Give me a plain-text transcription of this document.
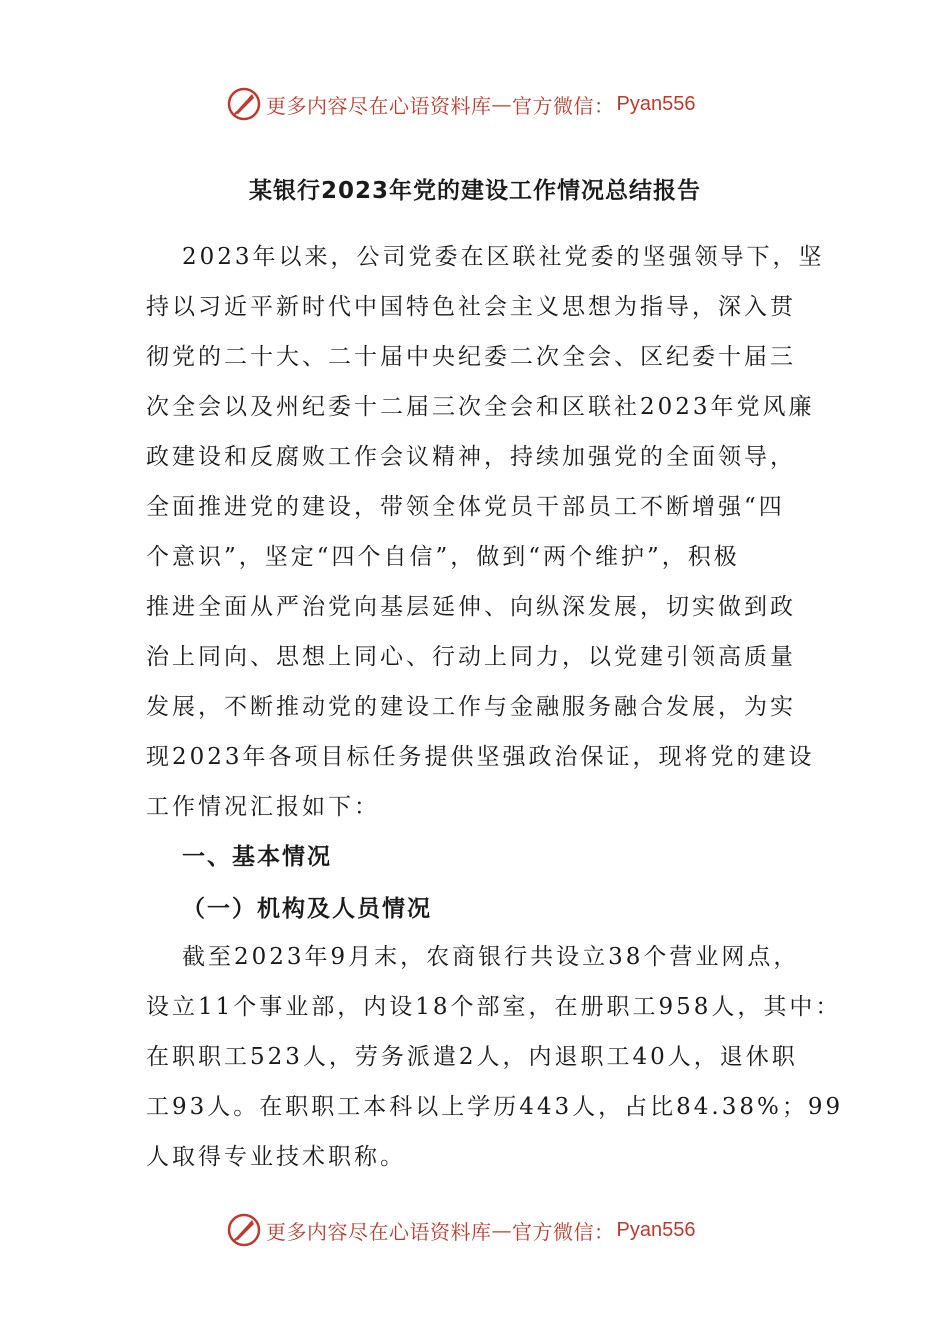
更多内容尽在心语资料库 — 官方微信： Pyan556
某银行2023年党的建设工作情况总结报告
2023年以来，公司党委在区联社党委的坚强领导下，坚
持以习近平新时代中国特色社会主义思想为指导，深入贯
彻党的二十大、二十届中央纪委二次全会、区纪委十届三
次全会以及州纪委十二届三次全会和区联社2023年党风廉
政建设和反腐败工作会议精神，持续加强党的全面领导，
全面推进党的建设，带领全体党员干部员工不断增强“四
个意识”，坚定“四个自信”，做到“两个维护”，积极
推进全面从严治党向基层延伸、向纵深发展，切实做到政
治上同向、思想上同心、行动上同力，以党建引领高质量
发展，不断推动党的建设工作与金融服务融合发展，为实
现2023年各项目标任务提供坚强政治保证，现将党的建设
工作情况汇报如下：
一、基本情况
（一）机构及人员情况
截至2023年9月末，农商银行共设立38个营业网点，
设立11个事业部，内设18个部室，在册职工958人，其中：
在职职工523人，劳务派遣2人，内退职工40人，退休职
工93人。在职职工本科以上学历443人，占比84.38%；99
人取得专业技术职称。
更多内容尽在心语资料库 — 官方微信： Pyan556
